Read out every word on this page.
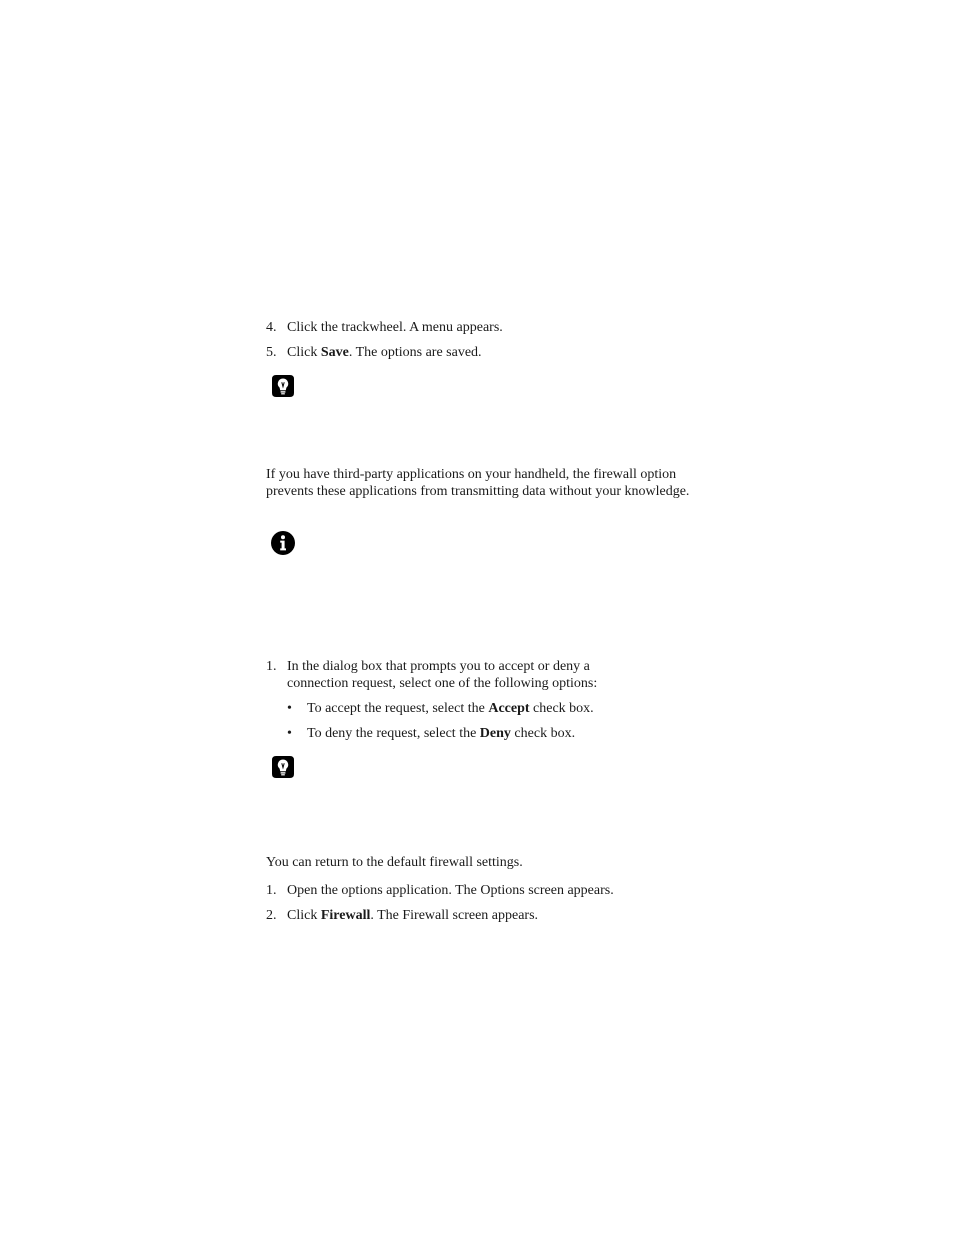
4. Click the trackwheel. A menu appears.
5. Click Save. The options are saved.
If you have third-party applications on your handheld, the firewall option prevents these applications from transmitting data without your knowledge.
1. In the dialog box that prompts you to accept or deny a connection request, select one of the following options:
• To accept the request, select the Accept check box.
• To deny the request, select the Deny check box.
You can return to the default firewall settings.
1. Open the options application. The Options screen appears.
2. Click Firewall. The Firewall screen appears.
